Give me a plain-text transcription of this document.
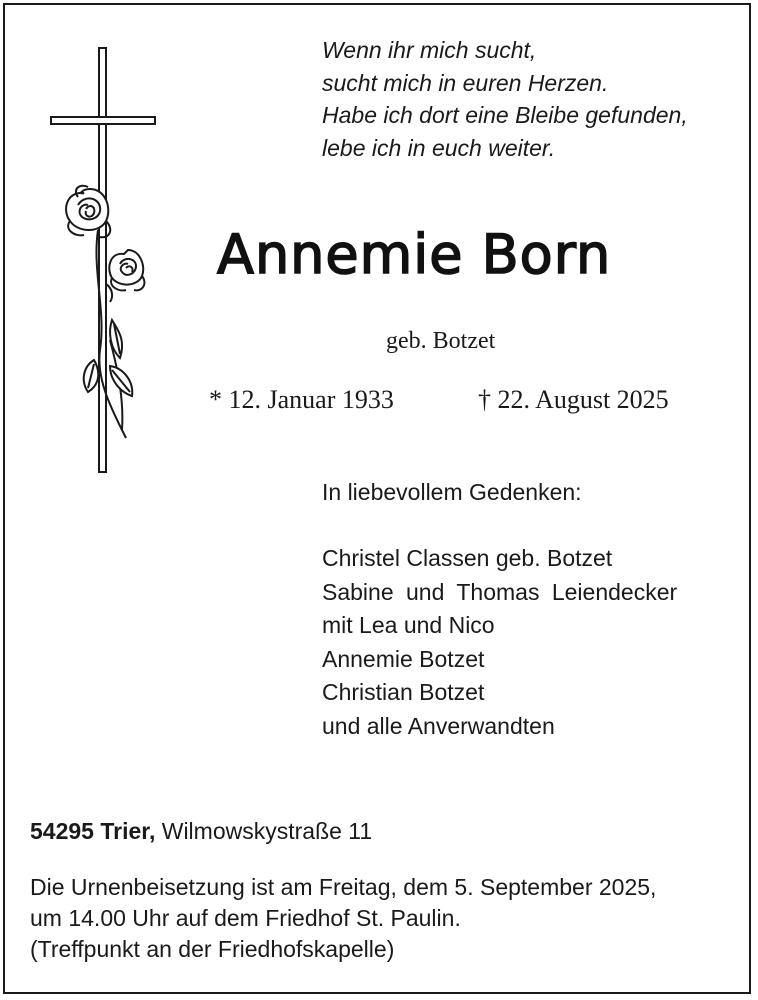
Wenn ihr mich sucht,
sucht mich in euren Herzen.
Habe ich dort eine Bleibe gefunden,
lebe ich in euch weiter.
Annemie Born
geb. Botzet
* 12. Januar 1933	† 22. August 2025
In liebevollem Gedenken:
Christel Classen geb. Botzet
Sabine und Thomas Leiendecker
mit Lea und Nico
Annemie Botzet
Christian Botzet
und alle Anverwandten
54295 Trier, Wilmowskystraße 11
Die Urnenbeisetzung ist am Freitag, dem 5. September 2025,
um 14.00 Uhr auf dem Friedhof St. Paulin.
(Treffpunkt an der Friedhofskapelle)
